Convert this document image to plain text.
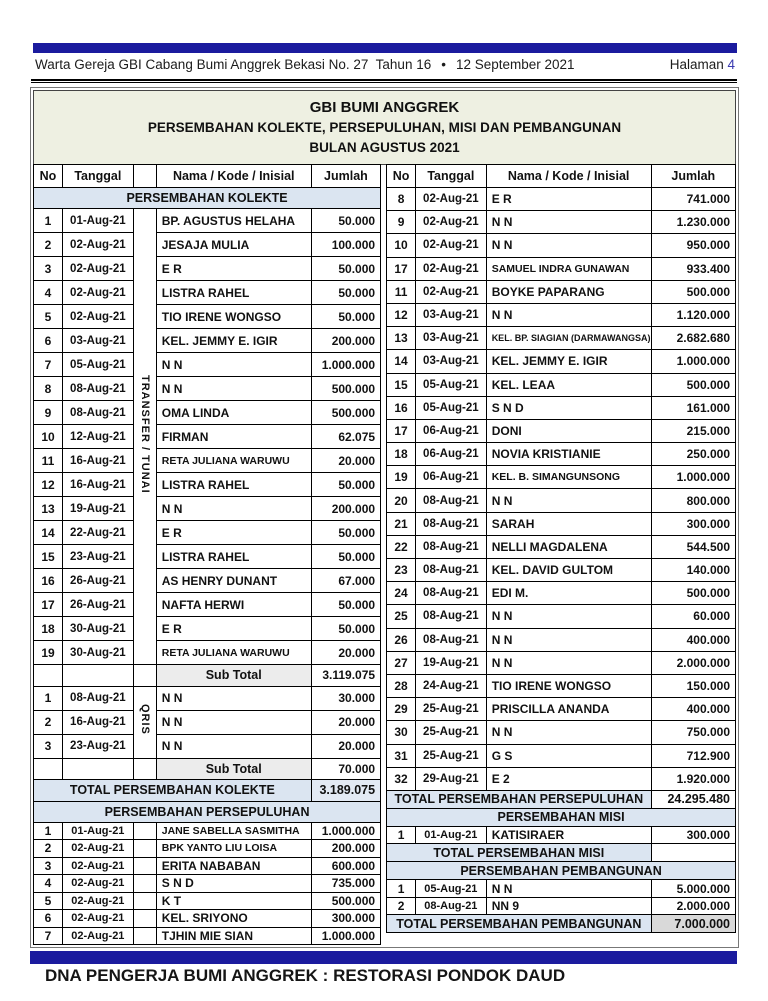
Warta Gereja GBI Cabang Bumi Anggrek Bekasi No. 27  Tahun 16 • 12 September 2021	Halaman 4
GBI BUMI ANGGREK
PERSEMBAHAN KOLEKTE, PERSEPULUHAN, MISI DAN PEMBANGUNAN
BULAN AGUSTUS 2021
No	Tanggal		Nama / Kode / Inisial	Jumlah
PERSEMBAHAN KOLEKTE				
1	01-Aug-21	TRANSFER / TUNAI	BP. AGUSTUS HELAHA	50.000
2	02-Aug-21		JESAJA MULIA	100.000
3	02-Aug-21		E R	50.000
4	02-Aug-21		LISTRA RAHEL	50.000
5	02-Aug-21		TIO IRENE WONGSO	50.000
6	03-Aug-21		KEL. JEMMY E. IGIR	200.000
7	05-Aug-21		N N	1.000.000
8	08-Aug-21		N N	500.000
9	08-Aug-21		OMA LINDA	500.000
10	12-Aug-21		FIRMAN	62.075
11	16-Aug-21		RETA JULIANA WARUWU	20.000
12	16-Aug-21		LISTRA RAHEL	50.000
13	19-Aug-21		N N	200.000
14	22-Aug-21		E R	50.000
15	23-Aug-21		LISTRA RAHEL	50.000
16	26-Aug-21		AS HENRY DUNANT	67.000
17	26-Aug-21		NAFTA HERWI	50.000
18	30-Aug-21		E R	50.000
19	30-Aug-21		RETA JULIANA WARUWU	20.000
			Sub Total	3.119.075
1	08-Aug-21	QRIS	N N	30.000
2	16-Aug-21		N N	20.000
3	23-Aug-21		N N	20.000
			Sub Total	70.000
TOTAL PERSEMBAHAN KOLEKTE				3.189.075
PERSEMBAHAN PERSEPULUHAN				
1	01-Aug-21		JANE SABELLA SASMITHA	1.000.000
2	02-Aug-21		BPK YANTO LIU LOISA	200.000
3	02-Aug-21		ERITA NABABAN	600.000
4	02-Aug-21		S N D	735.000
5	02-Aug-21		K T	500.000
6	02-Aug-21		KEL. SRIYONO	300.000
7	02-Aug-21		TJHIN MIE SIAN	1.000.000
No	Tanggal	Nama / Kode / Inisial	Jumlah
8	02-Aug-21	E R	741.000
9	02-Aug-21	N N	1.230.000
10	02-Aug-21	N N	950.000
17	02-Aug-21	SAMUEL INDRA GUNAWAN	933.400
11	02-Aug-21	BOYKE PAPARANG	500.000
12	03-Aug-21	N N	1.120.000
13	03-Aug-21	KEL. BP. SIAGIAN (DARMAWANGSA)	2.682.680
14	03-Aug-21	KEL. JEMMY E. IGIR	1.000.000
15	05-Aug-21	KEL. LEAA	500.000
16	05-Aug-21	S N D	161.000
17	06-Aug-21	DONI	215.000
18	06-Aug-21	NOVIA KRISTIANIE	250.000
19	06-Aug-21	KEL. B. SIMANGUNSONG	1.000.000
20	08-Aug-21	N N	800.000
21	08-Aug-21	SARAH	300.000
22	08-Aug-21	NELLI MAGDALENA	544.500
23	08-Aug-21	KEL. DAVID GULTOM	140.000
24	08-Aug-21	EDI M.	500.000
25	08-Aug-21	N N	60.000
26	08-Aug-21	N N	400.000
27	19-Aug-21	N N	2.000.000
28	24-Aug-21	TIO IRENE WONGSO	150.000
29	25-Aug-21	PRISCILLA ANANDA	400.000
30	25-Aug-21	N N	750.000
31	25-Aug-21	G S	712.900
32	29-Aug-21	E 2	1.920.000
TOTAL PERSEMBAHAN PERSEPULUHAN			24.295.480
PERSEMBAHAN MISI			
1	01-Aug-21	KATISIRAER	300.000
TOTAL PERSEMBAHAN MISI			
PERSEMBAHAN PEMBANGUNAN			
1	05-Aug-21	N N	5.000.000
2	08-Aug-21	NN 9	2.000.000
TOTAL PERSEMBAHAN PEMBANGUNAN			7.000.000
DNA PENGERJA BUMI ANGGREK : RESTORASI PONDOK DAUD
